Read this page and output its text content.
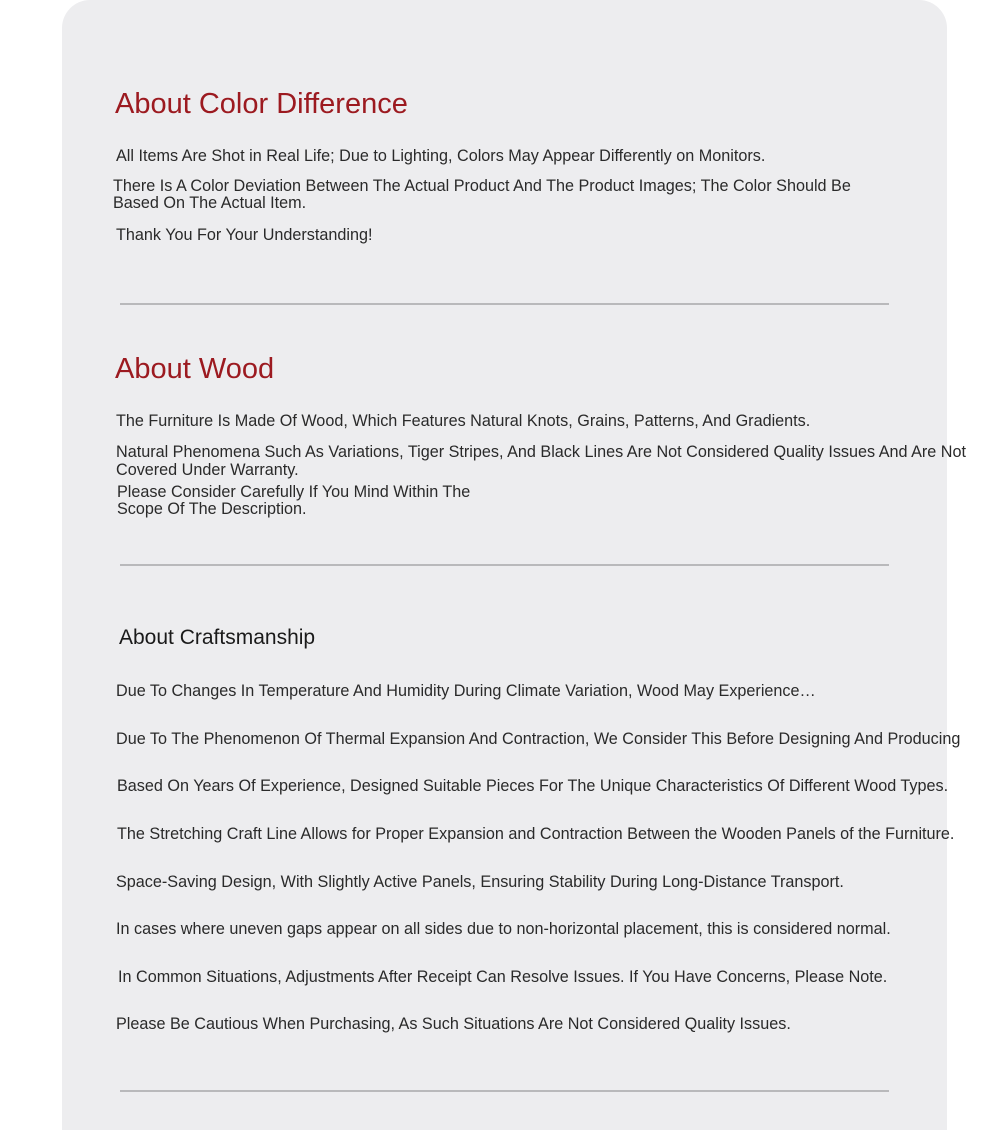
About Color Difference

All Items Are Shot in Real Life; Due to Lighting, Colors May Appear Differently on Monitors.

There Is A Color Deviation Between The Actual Product And The Product Images; The Color Should Be

Based On The Actual Item.

Thank You For Your Understanding!

About Wood

The Furniture Is Made Of Wood, Which Features Natural Knots, Grains, Patterns, And Gradients.

Natural Phenomena Such As Variations, Tiger Stripes, And Black Lines Are Not Considered Quality Issues And Are Not

Covered Under Warranty.

Please Consider Carefully If You Mind Within The

Scope Of The Description.

About Craftsmanship

Due To Changes In Temperature And Humidity During Climate Variation, Wood May Experience…

Due To The Phenomenon Of Thermal Expansion And Contraction, We Consider This Before Designing And Producing

Based On Years Of Experience, Designed Suitable Pieces For The Unique Characteristics Of Different Wood Types.

The Stretching Craft Line Allows for Proper Expansion and Contraction Between the Wooden Panels of the Furniture.

Space-Saving Design, With Slightly Active Panels, Ensuring Stability During Long-Distance Transport.

In cases where uneven gaps appear on all sides due to non-horizontal placement, this is considered normal.

In Common Situations, Adjustments After Receipt Can Resolve Issues. If You Have Concerns, Please Note.

Please Be Cautious When Purchasing, As Such Situations Are Not Considered Quality Issues.
